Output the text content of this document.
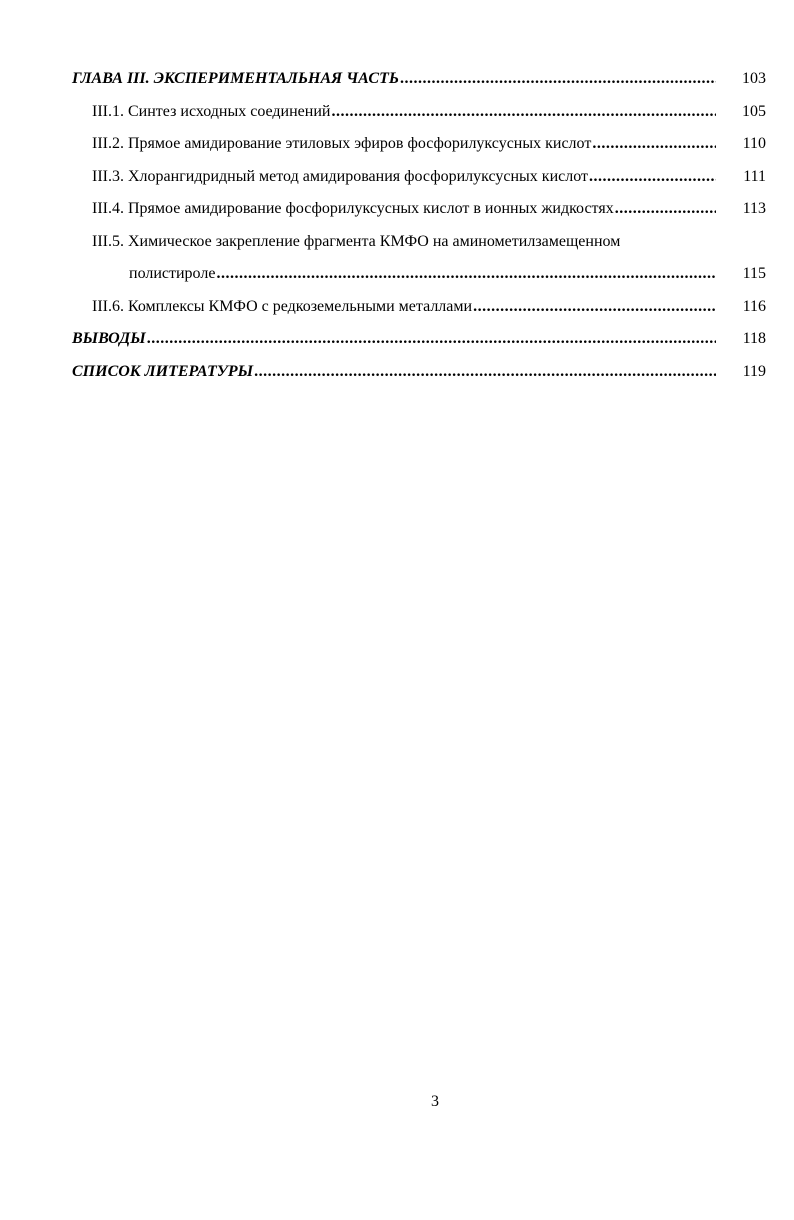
ГЛАВА III. ЭКСПЕРИМЕНТАЛЬНАЯ ЧАСТЬ .....	103
III.1. Синтез исходных соединений .....	105
III.2. Прямое амидирование этиловых эфиров фосфорилуксусных кислот .....	110
III.3. Хлорангидридный метод амидирования фосфорилуксусных кислот .....	111
III.4. Прямое амидирование фосфорилуксусных кислот в ионных жидкостях .....	113
III.5. Химическое закрепление фрагмента КМФО на аминометилзамещенном
полистироле .....	115
III.6. Комплексы КМФО с редкоземельными металлами .....	116
ВЫВОДЫ .....	118
СПИСОК ЛИТЕРАТУРЫ .....	119
3
